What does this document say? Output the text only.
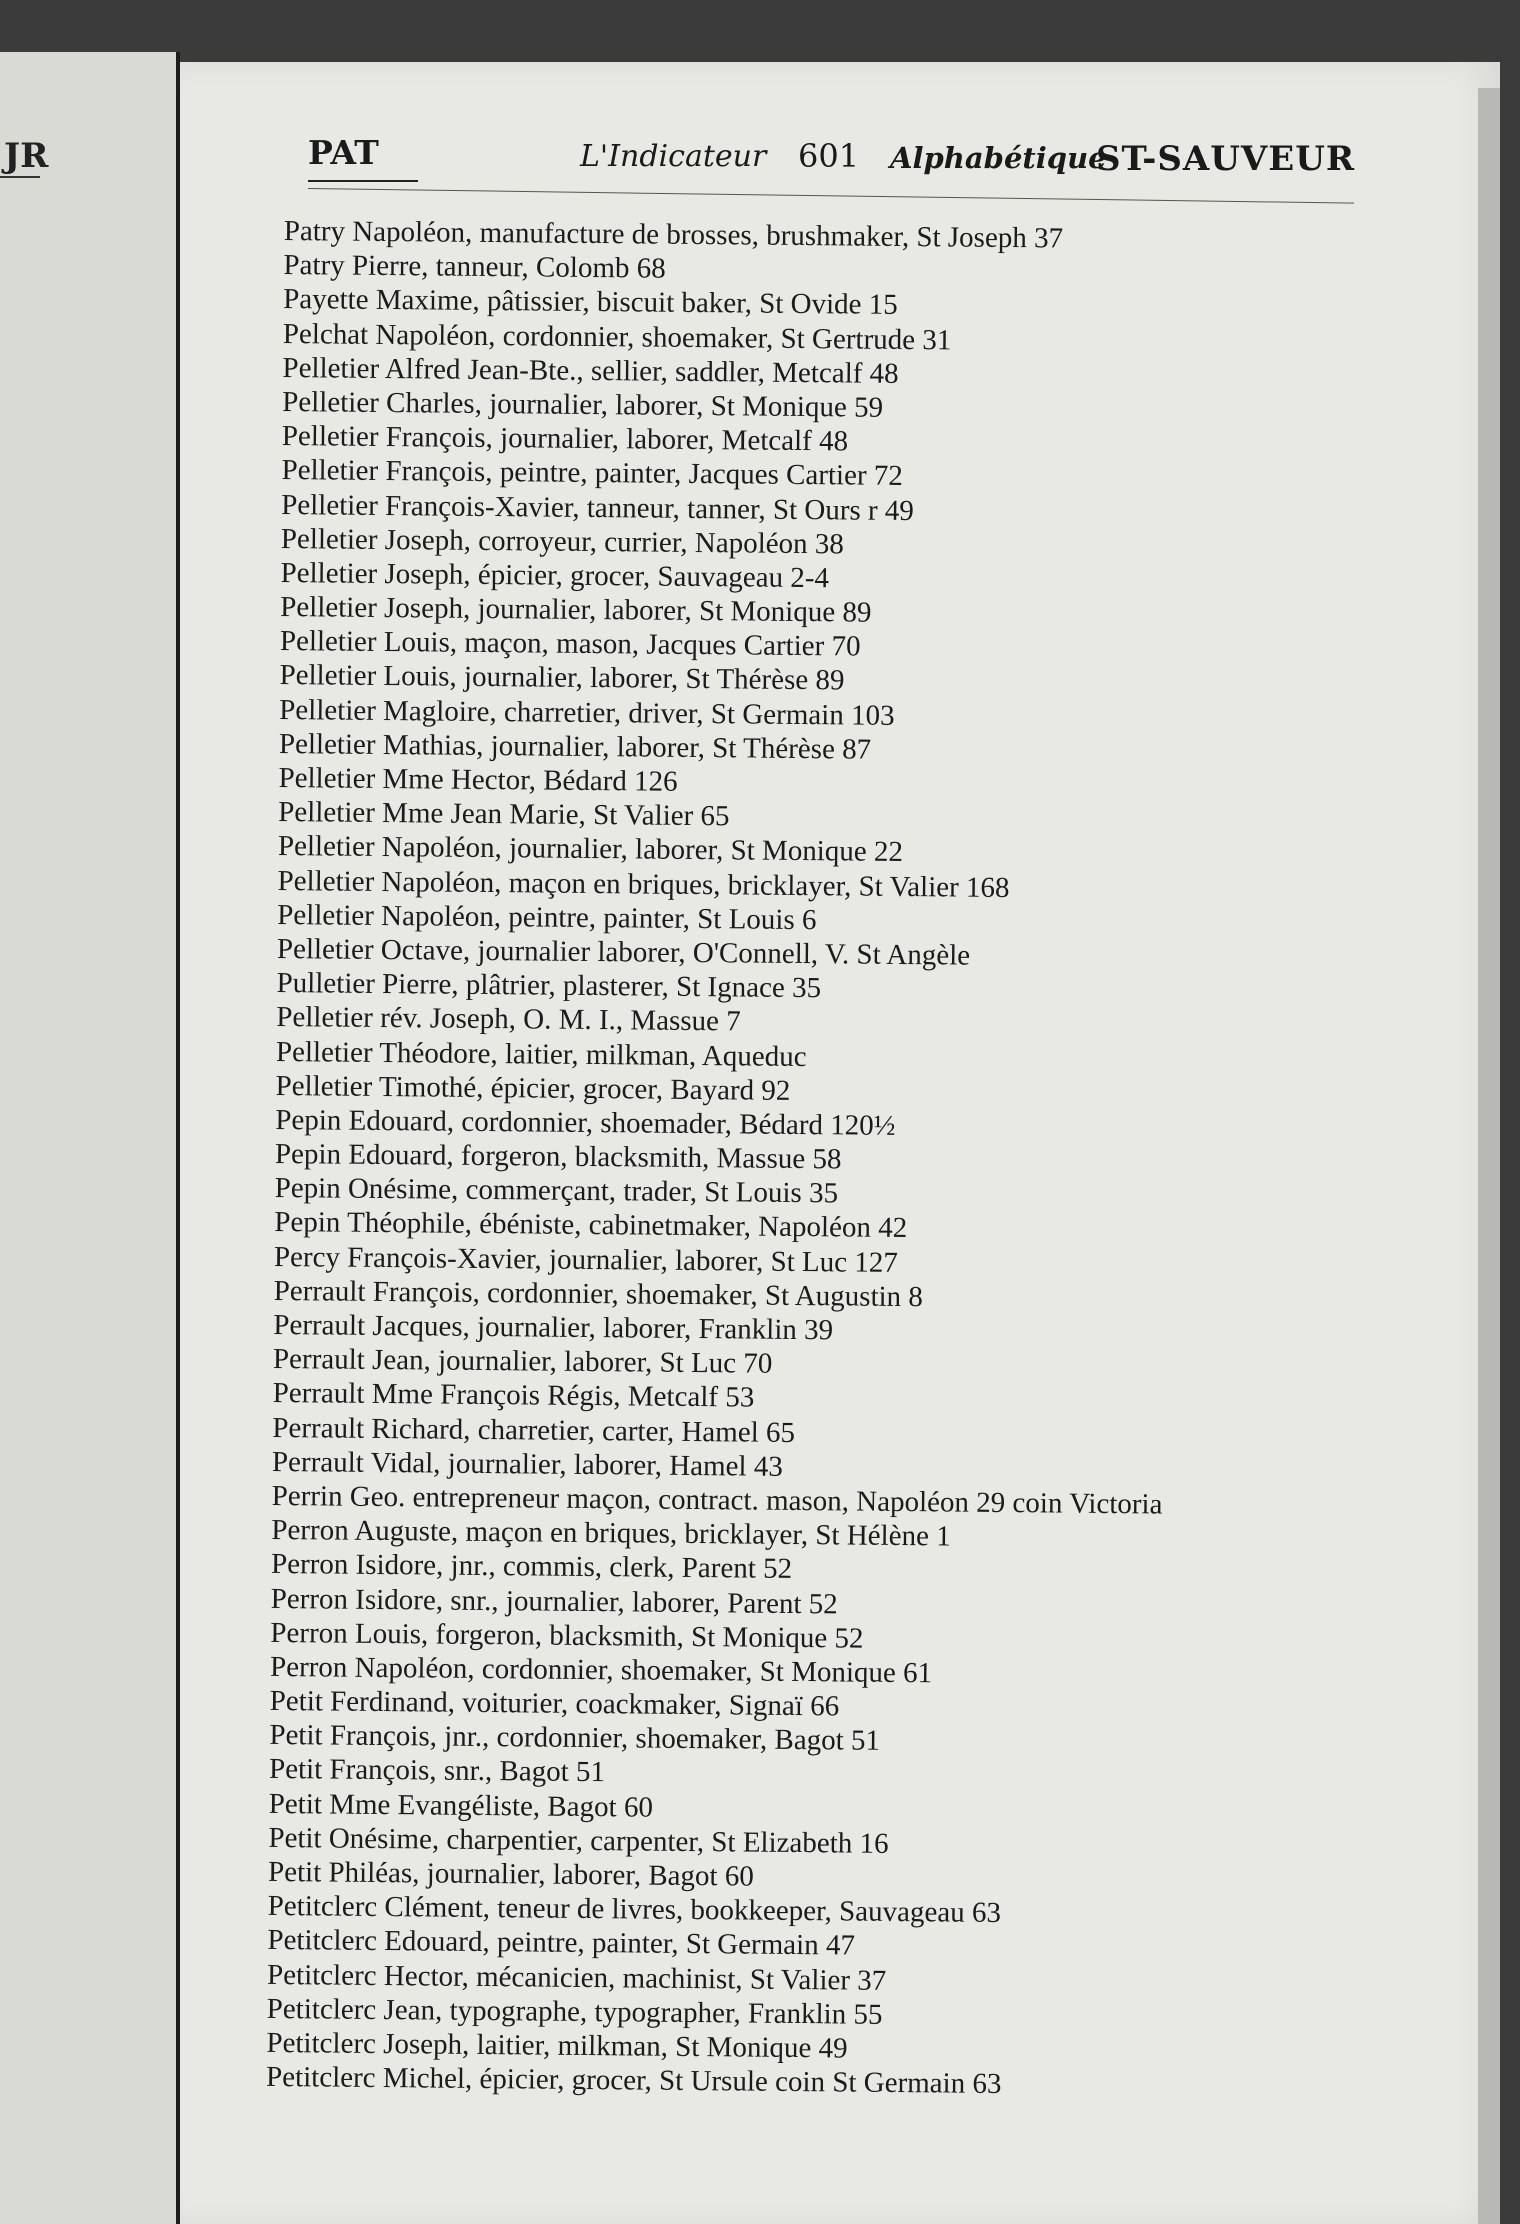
JR	PAT	L'Indicateur 601 Alphabétique
ST-SAUVEUR
Patry Napoléon, manufacture de brosses, brushmaker, St Joseph 37
Patry Pierre, tanneur, Colomb 68
Payette Maxime, pâtissier, biscuit baker, St Ovide 15
Pelchat Napoléon, cordonnier, shoemaker, St Gertrude 31
Pelletier Alfred Jean-Bte., sellier, saddler, Metcalf 48
Pelletier Charles, journalier, laborer, St Monique 59
Pelletier François, journalier, laborer, Metcalf 48
Pelletier François, peintre, painter, Jacques Cartier 72
Pelletier François-Xavier, tanneur, tanner, St Ours r 49
Pelletier Joseph, corroyeur, currier, Napoléon 38
Pelletier Joseph, épicier, grocer, Sauvageau 2-4
Pelletier Joseph, journalier, laborer, St Monique 89
Pelletier Louis, maçon, mason, Jacques Cartier 70
Pelletier Louis, journalier, laborer, St Thérèse 89
Pelletier Magloire, charretier, driver, St Germain 103
Pelletier Mathias, journalier, laborer, St Thérèse 87
Pelletier Mme Hector, Bédard 126
Pelletier Mme Jean Marie, St Valier 65
Pelletier Napoléon, journalier, laborer, St Monique 22
Pelletier Napoléon, maçon en briques, bricklayer, St Valier 168
Pelletier Napoléon, peintre, painter, St Louis 6
Pelletier Octave, journalier laborer, O'Connell, V. St Angèle
Pulletier Pierre, plâtrier, plasterer, St Ignace 35
Pelletier rév. Joseph, O. M. I., Massue 7
Pelletier Théodore, laitier, milkman, Aqueduc
Pelletier Timothé, épicier, grocer, Bayard 92
Pepin Edouard, cordonnier, shoemader, Bédard 120½
Pepin Edouard, forgeron, blacksmith, Massue 58
Pepin Onésime, commerçant, trader, St Louis 35
Pepin Théophile, ébéniste, cabinetmaker, Napoléon 42
Percy François-Xavier, journalier, laborer, St Luc 127
Perrault François, cordonnier, shoemaker, St Augustin 8
Perrault Jacques, journalier, laborer, Franklin 39
Perrault Jean, journalier, laborer, St Luc 70
Perrault Mme François Régis, Metcalf 53
Perrault Richard, charretier, carter, Hamel 65
Perrault Vidal, journalier, laborer, Hamel 43
Perrin Geo. entrepreneur maçon, contract. mason, Napoléon 29 coin Victoria
Perron Auguste, maçon en briques, bricklayer, St Hélène 1
Perron Isidore, jnr., commis, clerk, Parent 52
Perron Isidore, snr., journalier, laborer, Parent 52
Perron Louis, forgeron, blacksmith, St Monique 52
Perron Napoléon, cordonnier, shoemaker, St Monique 61
Petit Ferdinand, voiturier, coackmaker, Signaï 66
Petit François, jnr., cordonnier, shoemaker, Bagot 51
Petit François, snr., Bagot 51
Petit Mme Evangéliste, Bagot 60
Petit Onésime, charpentier, carpenter, St Elizabeth 16
Petit Philéas, journalier, laborer, Bagot 60
Petitclerc Clément, teneur de livres, bookkeeper, Sauvageau 63
Petitclerc Edouard, peintre, painter, St Germain 47
Petitclerc Hector, mécanicien, machinist, St Valier 37
Petitclerc Jean, typographe, typographer, Franklin 55
Petitclerc Joseph, laitier, milkman, St Monique 49
Petitclerc Michel, épicier, grocer, St Ursule coin St Germain 63
